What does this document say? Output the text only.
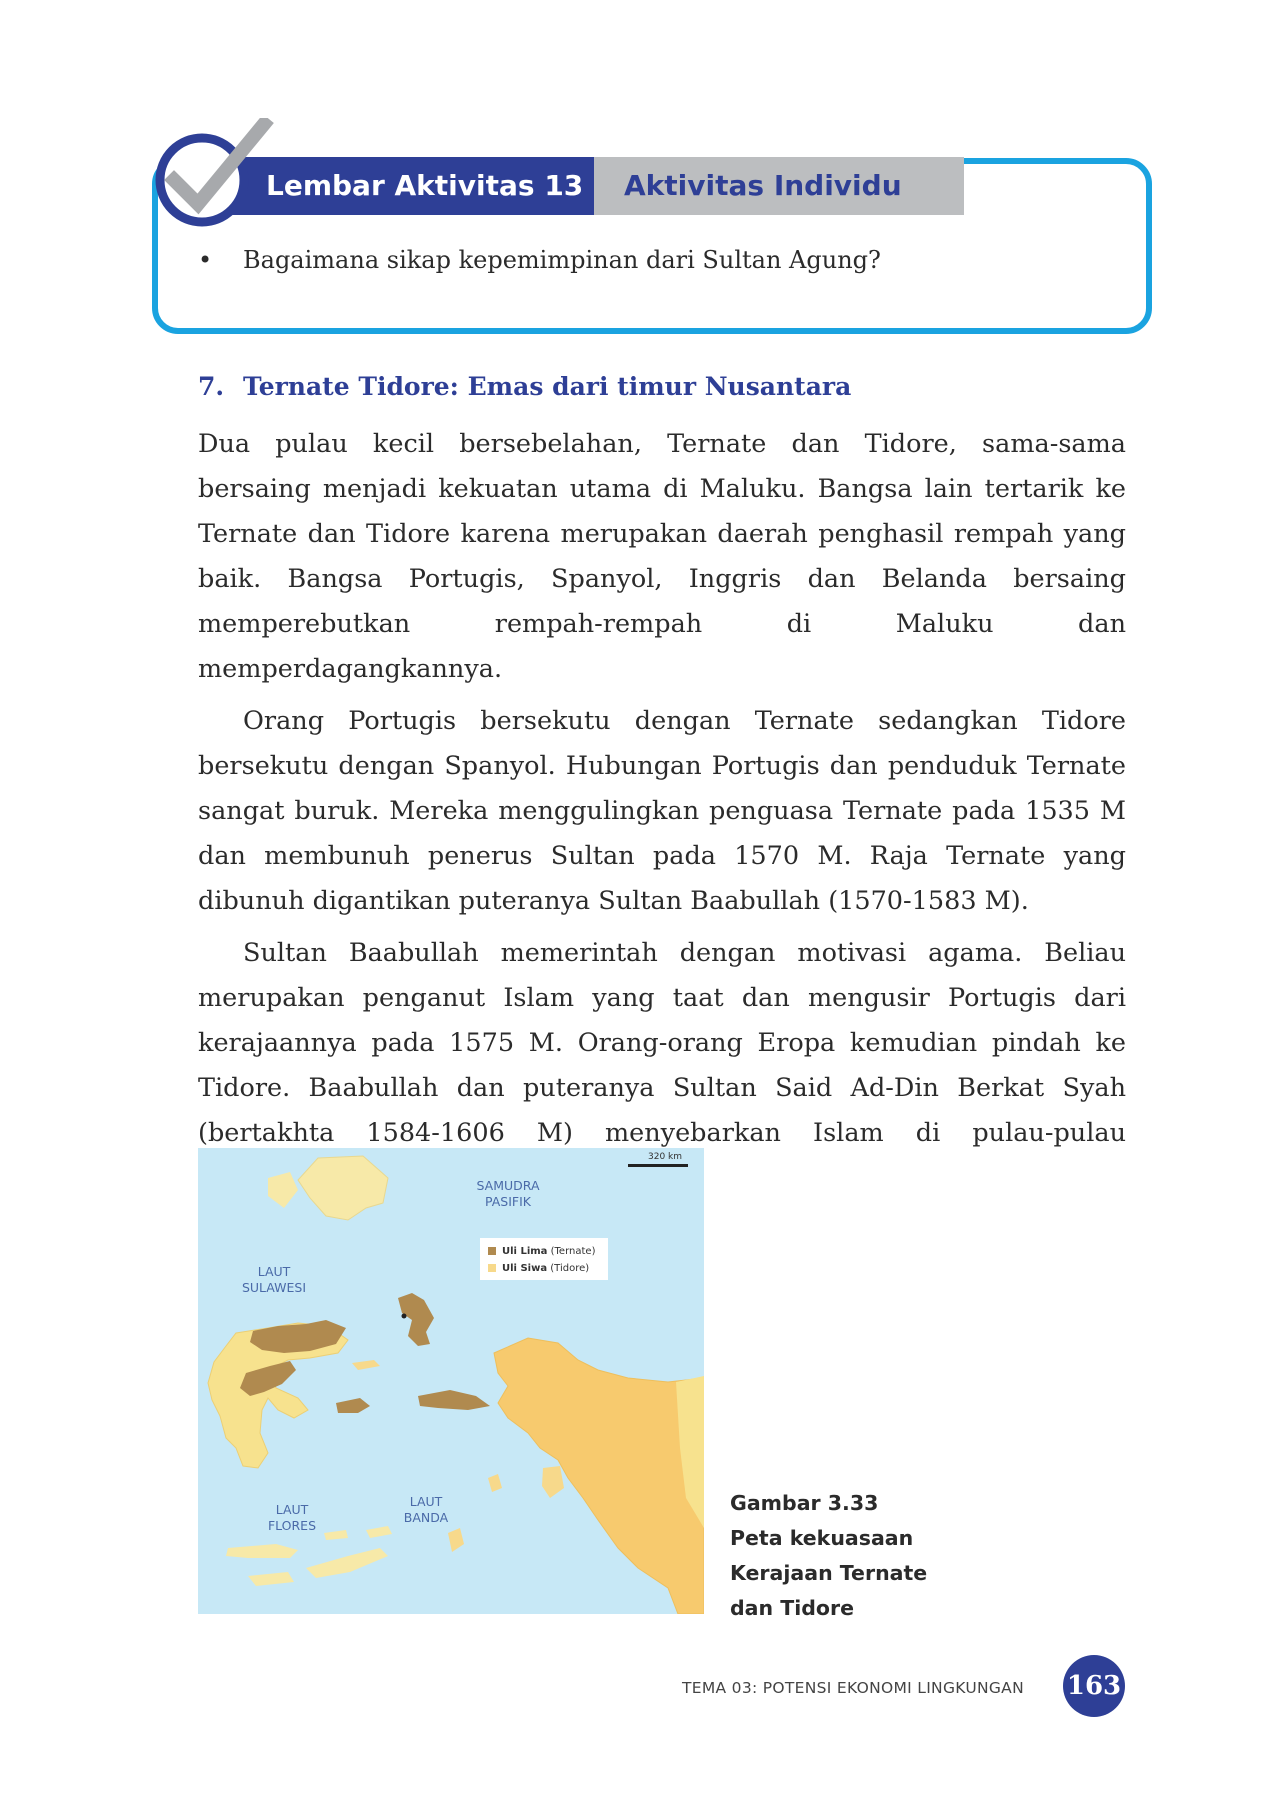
Lembar Aktivitas 13	Aktivitas Individu
• Bagaimana sikap kepemimpinan dari Sultan Agung?
7. Ternate Tidore: Emas dari timur Nusantara

Dua pulau kecil bersebelahan, Ternate dan Tidore, sama-sama bersaing menjadi kekuatan utama di Maluku. Bangsa lain tertarik ke Ternate dan Tidore karena merupakan daerah penghasil rempah yang baik. Bangsa Portugis, Spanyol, Inggris dan Belanda bersaing memperebutkan rempah-rempah di Maluku dan memperdagangkannya.

Orang Portugis bersekutu dengan Ternate sedangkan Tidore bersekutu dengan Spanyol. Hubungan Portugis dan penduduk Ternate sangat buruk. Mereka menggulingkan penguasa Ternate pada 1535 M dan membunuh penerus Sultan pada 1570 M. Raja Ternate yang dibunuh digantikan puteranya Sultan Baabullah (1570-1583 M).

Sultan Baabullah memerintah dengan motivasi agama. Beliau merupakan penganut Islam yang taat dan mengusir Portugis dari kerajaannya pada 1575 M. Orang-orang Eropa kemudian pindah ke Tidore. Baabullah dan puteranya Sultan Said Ad-Din Berkat Syah (bertakhta 1584-1606 M) menyebarkan Islam di pulau-pulau

320 km
Uli Lima (Ternate)
Uli Siwa (Tidore)
SAMUDRA
PASIFIK
LAUT
SULAWESI
LAUT
FLORES
LAUT
BANDA
Gambar 3.33
Peta kekuasaan
Kerajaan Ternate
dan Tidore
TEMA 03: POTENSI EKONOMI LINGKUNGAN 163
